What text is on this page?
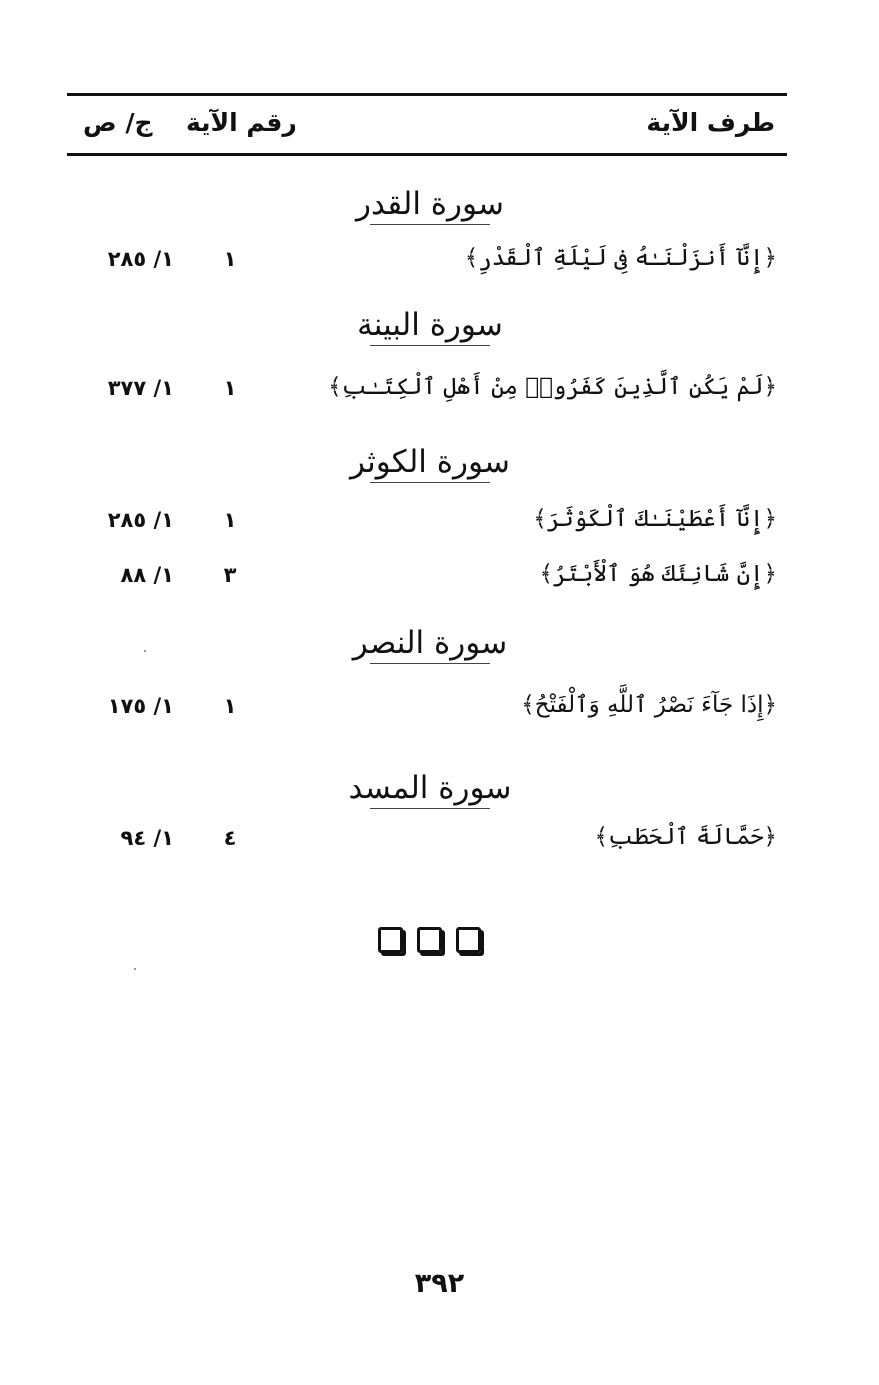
طرف الآية
رقم الآية
ج/ ص
سورة القدر
﴿إِنَّآ أَنزَلْنَـٰهُ فِى لَيْلَةِ ٱلْقَدْرِ﴾
١
١/ ٢٨٥
سورة البينة
﴿لَمْ يَكُنِ ٱلَّذِينَ كَفَرُوا۟ مِنْ أَهْلِ ٱلْكِتَـٰبِ﴾
١
١/ ٣٧٧
سورة الكوثر
﴿إِنَّآ أَعْطَيْنَـٰكَ ٱلْكَوْثَرَ﴾
١
١/ ٢٨٥
﴿إِنَّ شَانِئَكَ هُوَ ٱلْأَبْتَرُ﴾
٣
١/ ٨٨
سورة النصر
﴿إِذَا جَآءَ نَصْرُ ٱللَّهِ وَٱلْفَتْحُ﴾
١
١/ ١٧٥
سورة المسد
﴿حَمَّالَةَ ٱلْحَطَبِ﴾
٤
١/ ٩٤
٣٩٢
